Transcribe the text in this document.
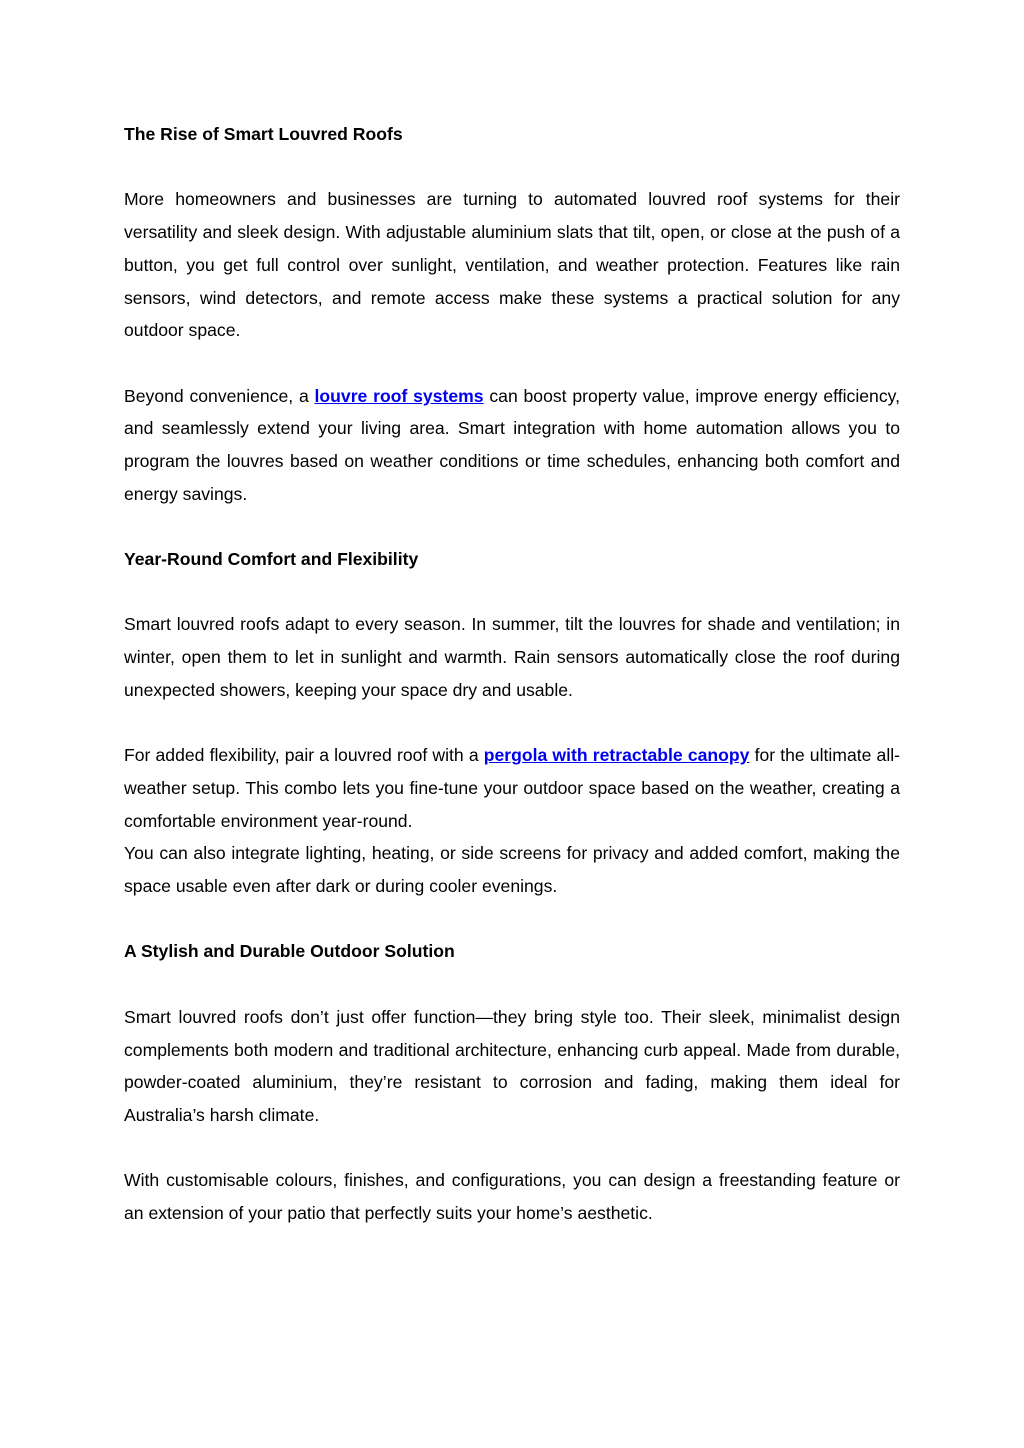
The Rise of Smart Louvred Roofs

More homeowners and businesses are turning to automated louvred roof systems for their versatility and sleek design. With adjustable aluminium slats that tilt, open, or close at the push of a button, you get full control over sunlight, ventilation, and weather protection. Features like rain sensors, wind detectors, and remote access make these systems a practical solution for any outdoor space.

Beyond convenience, a louvre roof systems can boost property value, improve energy efficiency, and seamlessly extend your living area. Smart integration with home automation allows you to program the louvres based on weather conditions or time schedules, enhancing both comfort and energy savings.

Year-Round Comfort and Flexibility

Smart louvred roofs adapt to every season. In summer, tilt the louvres for shade and ventilation; in winter, open them to let in sunlight and warmth. Rain sensors automatically close the roof during unexpected showers, keeping your space dry and usable.

For added flexibility, pair a louvred roof with a pergola with retractable canopy for the ultimate all-weather setup. This combo lets you fine-tune your outdoor space based on the weather, creating a comfortable environment year-round.

You can also integrate lighting, heating, or side screens for privacy and added comfort, making the space usable even after dark or during cooler evenings.

A Stylish and Durable Outdoor Solution

Smart louvred roofs don’t just offer function—they bring style too. Their sleek, minimalist design complements both modern and traditional architecture, enhancing curb appeal. Made from durable, powder-coated aluminium, they’re resistant to corrosion and fading, making them ideal for Australia’s harsh climate.

With customisable colours, finishes, and configurations, you can design a freestanding feature or an extension of your patio that perfectly suits your home’s aesthetic.
